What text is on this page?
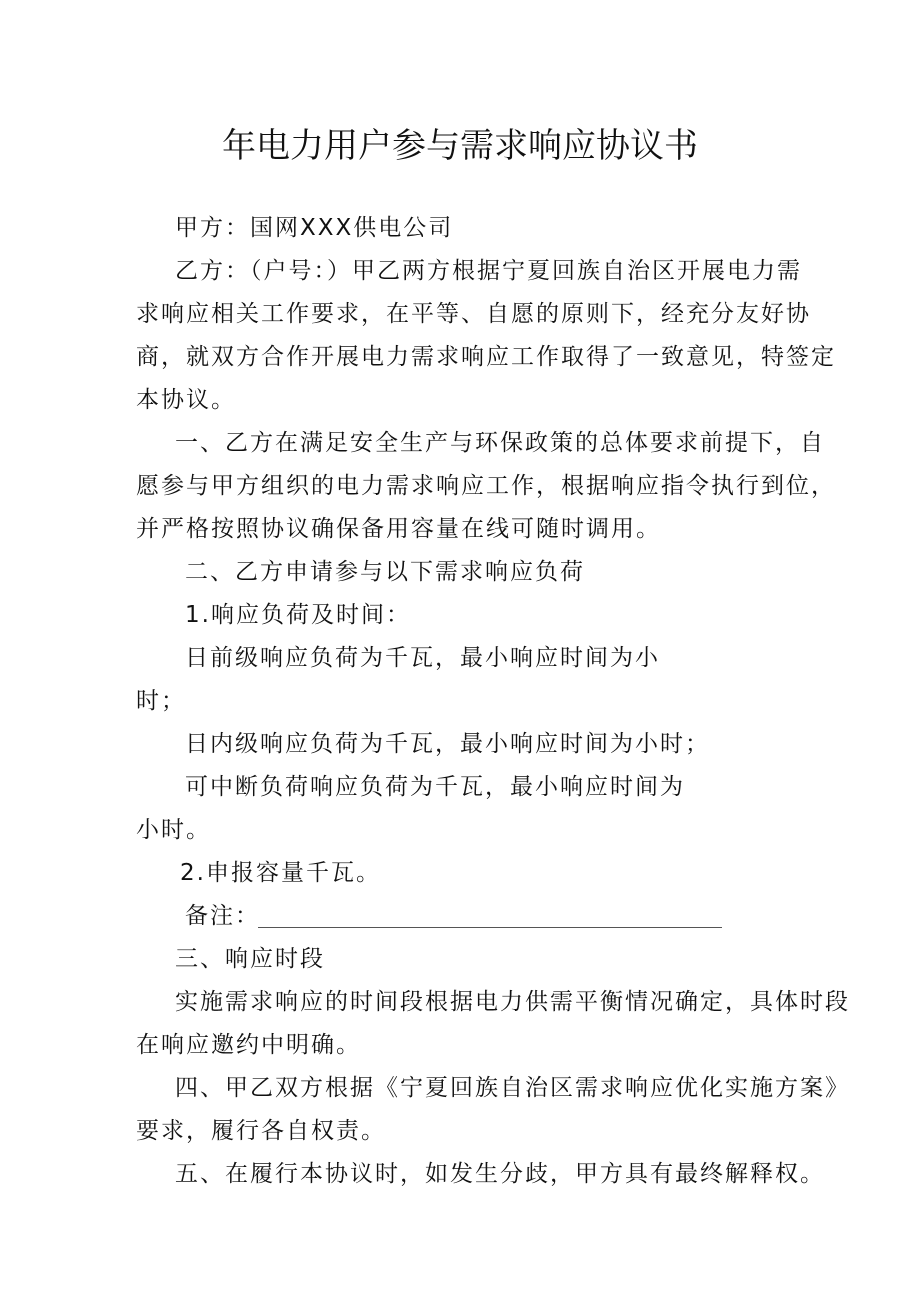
年电力用户参与需求响应协议书
甲方：国网XXX供电公司
乙方：（户号：）甲乙两方根据宁夏回族自治区开展电力需
求响应相关工作要求，在平等、自愿的原则下，经充分友好协
商，就双方合作开展电力需求响应工作取得了一致意见，特签定
本协议。
一、乙方在满足安全生产与环保政策的总体要求前提下，自
愿参与甲方组织的电力需求响应工作，根据响应指令执行到位，
并严格按照协议确保备用容量在线可随时调用。
二、乙方申请参与以下需求响应负荷
1.响应负荷及时间：
日前级响应负荷为千瓦，最小响应时间为小
时；
日内级响应负荷为千瓦，最小响应时间为小时；
可中断负荷响应负荷为千瓦，最小响应时间为
小时。
2.申报容量千瓦。
备注：
三、响应时段
实施需求响应的时间段根据电力供需平衡情况确定，具体时段
在响应邀约中明确。
四、甲乙双方根据《宁夏回族自治区需求响应优化实施方案》
要求，履行各自权责。
五、在履行本协议时，如发生分歧，甲方具有最终解释权。
